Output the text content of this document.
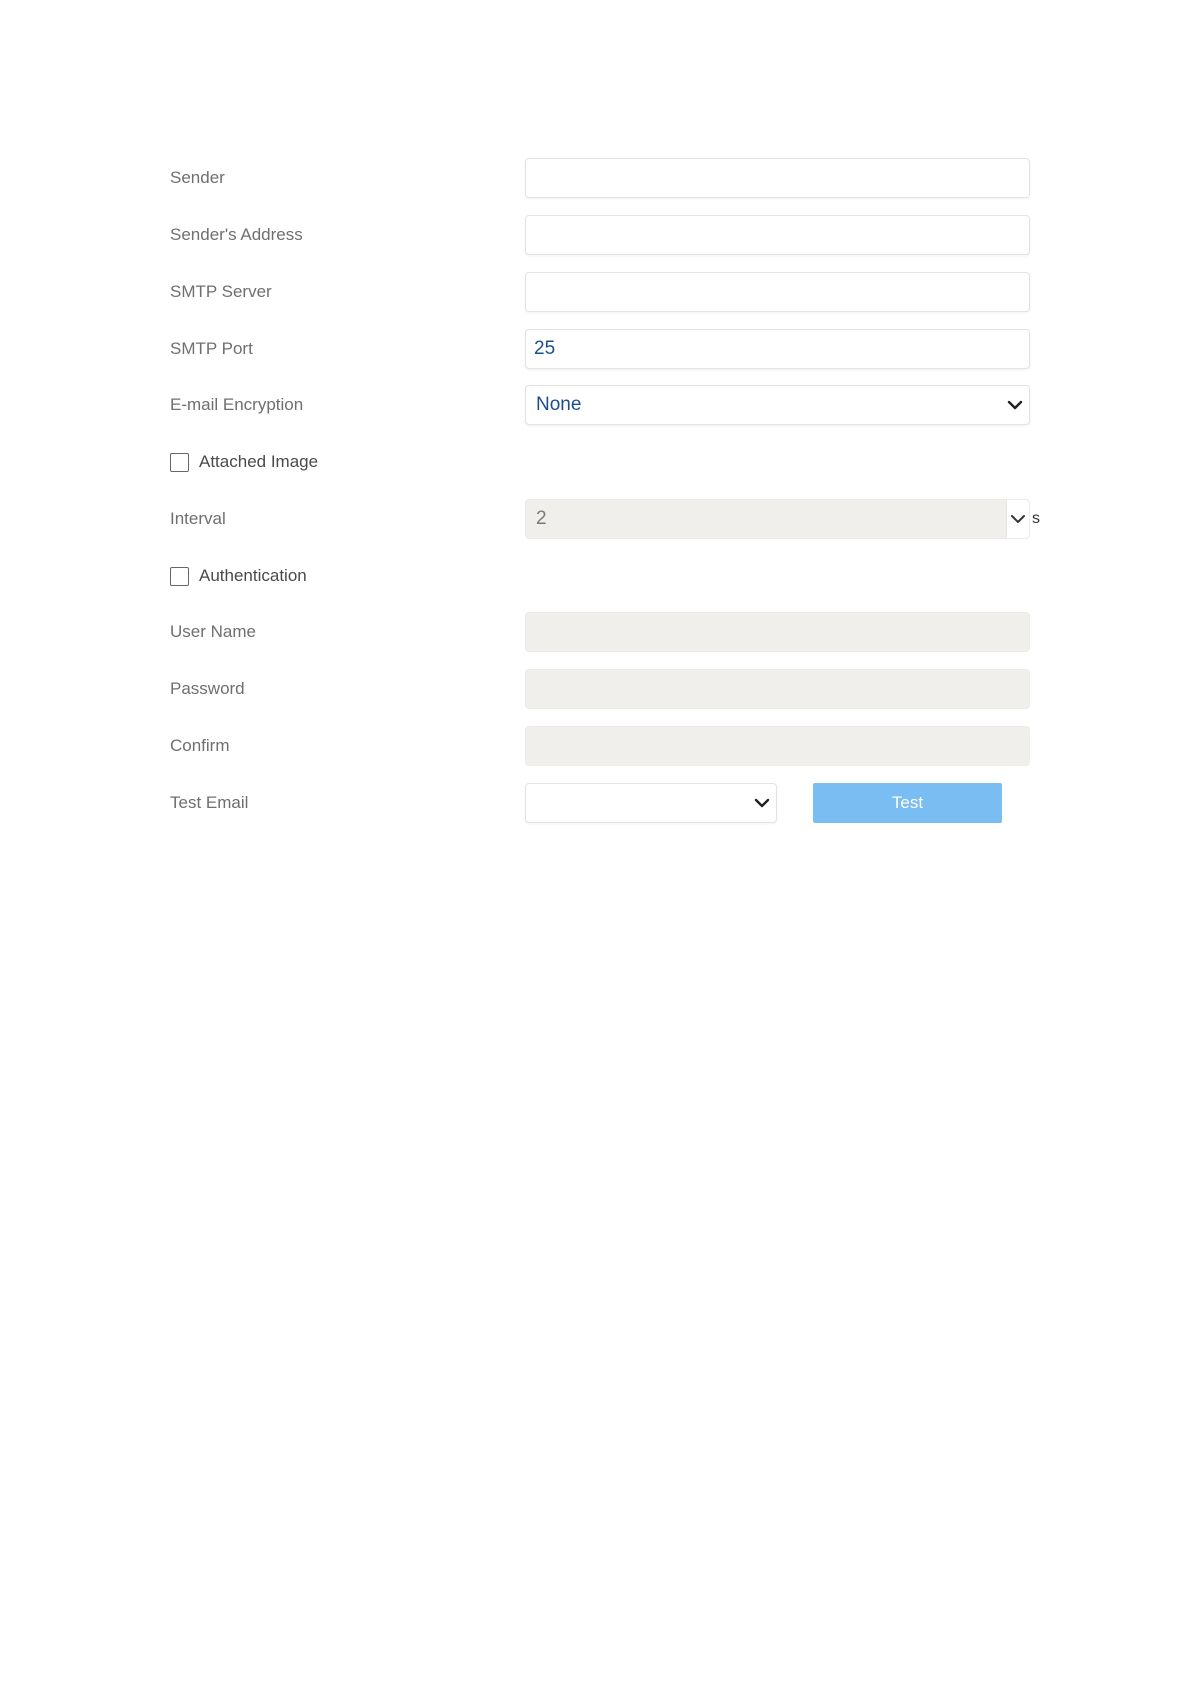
Sender
Sender's Address
SMTP Server
SMTP Port	25
E-mail Encryption	None
Attached Image
Interval	2	s
Authentication
User Name
Password
Confirm
Test Email	Test
